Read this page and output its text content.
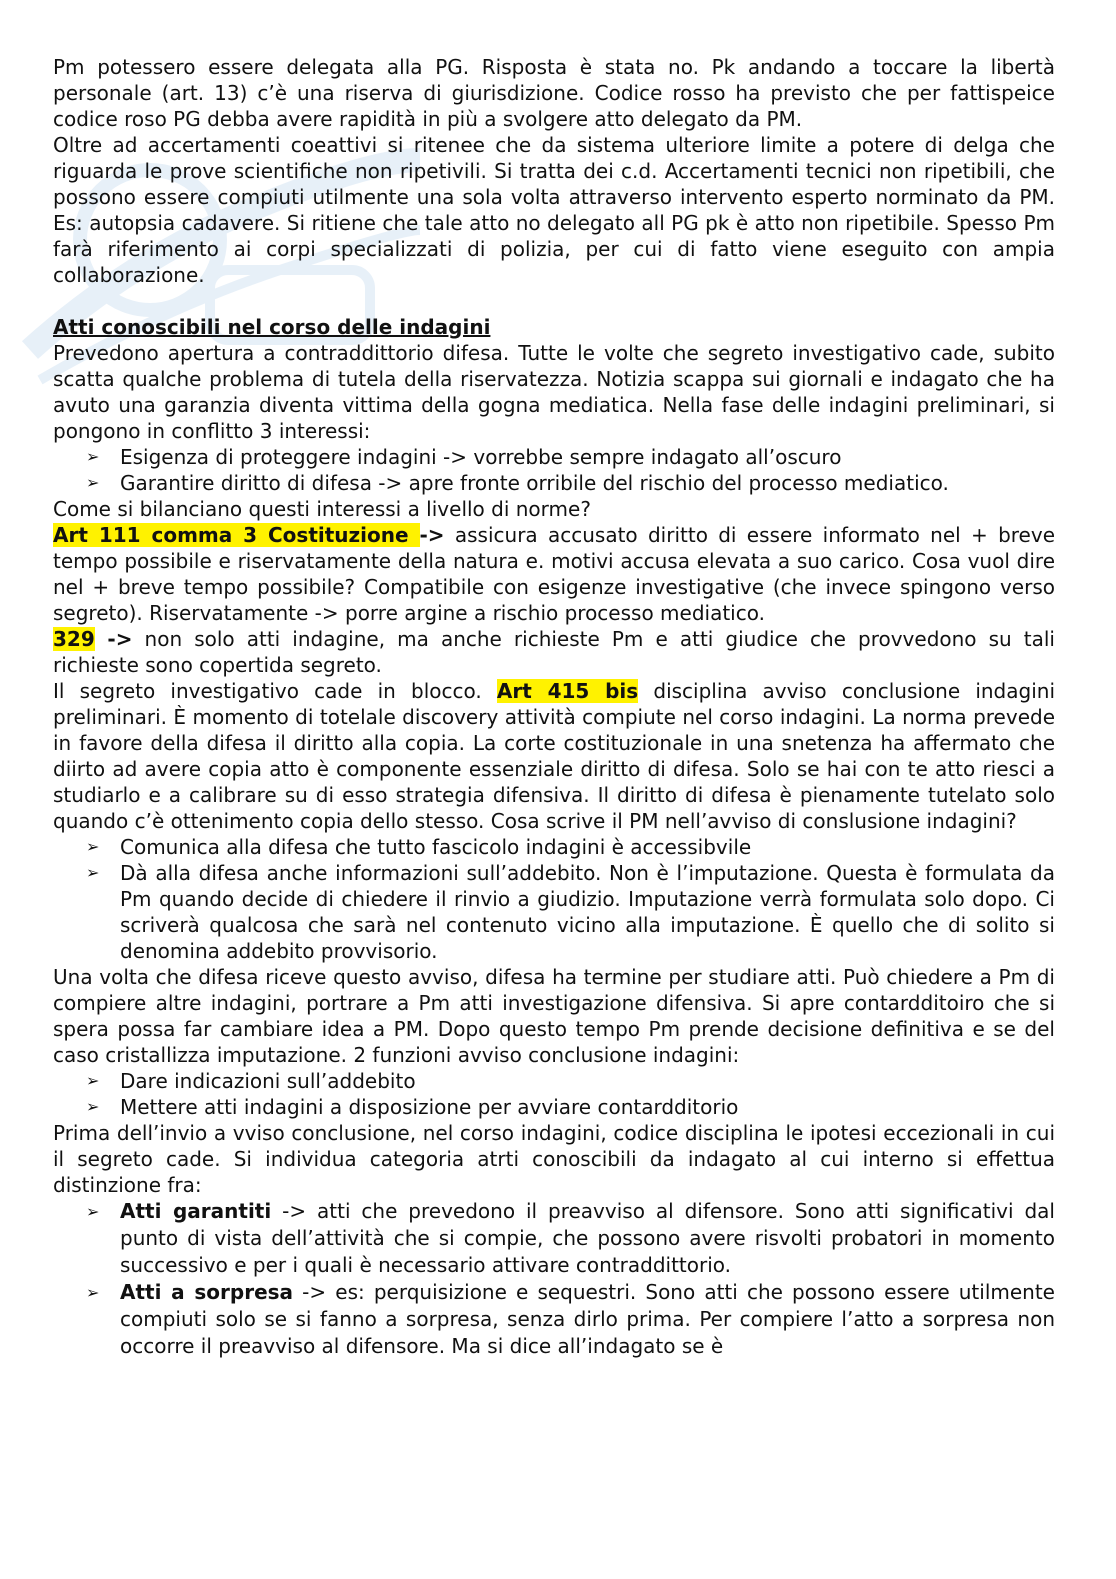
Pm potessero essere delegata alla PG. Risposta è stata no. Pk andando a toccare la libertà personale (art. 13) c’è una riserva di giurisdizione. Codice rosso ha previsto che per fattispeice codice roso PG debba avere rapidità in più a svolgere atto delegato da PM.

Oltre ad accertamenti coeattivi si ritenee che da sistema ulteriore limite a potere di delga che riguarda le prove scientifiche non ripetivili. Si tratta dei c.d. Accertamenti tecnici non ripetibili, che possono essere compiuti utilmente una sola volta attraverso intervento esperto norminato da PM. Es: autopsia cadavere. Si ritiene che tale atto no delegato all PG pk è atto non ripetibile. Spesso Pm farà riferimento ai corpi specializzati di polizia, per cui di fatto viene eseguito con ampia collaborazione.

Atti conoscibili nel corso delle indagini

Prevedono apertura a contraddittorio difesa. Tutte le volte che segreto investigativo cade, subito scatta qualche problema di tutela della riservatezza. Notizia scappa sui giornali e indagato che ha avuto una garanzia diventa vittima della gogna mediatica. Nella fase delle indagini preliminari, si pongono in conflitto 3 interessi:

➢ Esigenza di proteggere indagini -> vorrebbe sempre indagato all’oscuro
➢ Garantire diritto di difesa -> apre fronte orribile del rischio del processo mediatico.

Come si bilanciano questi interessi a livello di norme?

Art 111 comma 3 Costituzione -> assicura accusato diritto di essere informato nel + breve tempo possibile e riservatamente della natura e. motivi accusa elevata a suo carico. Cosa vuol dire nel + breve tempo possibile? Compatibile con esigenze investigative (che invece spingono verso segreto). Riservatamente -> porre argine a rischio processo mediatico.

329 -> non solo atti indagine, ma anche richieste Pm e atti giudice che provvedono su tali richieste sono copertida segreto.

Il segreto investigativo cade in blocco. Art 415 bis disciplina avviso conclusione indagini preliminari. È momento di totelale discovery attività compiute nel corso indagini. La norma prevede in favore della difesa il diritto alla copia. La corte costituzionale in una snetenza ha affermato che diirto ad avere copia atto è componente essenziale diritto di difesa. Solo se hai con te atto riesci a studiarlo e a calibrare su di esso strategia difensiva. Il diritto di difesa è pienamente tutelato solo quando c’è ottenimento copia dello stesso. Cosa scrive il PM nell’avviso di conslusione indagini?

➢ Comunica alla difesa che tutto fascicolo indagini è accessibvile
➢ Dà alla difesa anche informazioni sull’addebito. Non è l’imputazione. Questa è formulata da Pm quando decide di chiedere il rinvio a giudizio. Imputazione verrà formulata solo dopo. Ci scriverà qualcosa che sarà nel contenuto vicino alla imputazione. È quello che di solito si denomina addebito provvisorio.

Una volta che difesa riceve questo avviso, difesa ha termine per studiare atti. Può chiedere a Pm di compiere altre indagini, portrare a Pm atti investigazione difensiva. Si apre contardditoiro che si spera possa far cambiare idea a PM. Dopo questo tempo Pm prende decisione definitiva e se del caso cristallizza imputazione. 2 funzioni avviso conclusione indagini:

➢ Dare indicazioni sull’addebito
➢ Mettere atti indagini a disposizione per avviare contardditorio

Prima dell’invio a vviso conclusione, nel corso indagini, codice disciplina le ipotesi eccezionali in cui il segreto cade. Si individua categoria atrti conoscibili da indagato al cui interno si effettua distinzione fra:

➢ Atti garantiti -> atti che prevedono il preavviso al difensore. Sono atti significativi dal punto di vista dell’attività che si compie, che possono avere risvolti probatori in momento successivo e per i quali è necessario attivare contraddittorio.
➢ Atti a sorpresa -> es: perquisizione e sequestri. Sono atti che possono essere utilmente compiuti solo se si fanno a sorpresa, senza dirlo prima. Per compiere l’atto a sorpresa non occorre il preavviso al difensore. Ma si dice all’indagato se è
